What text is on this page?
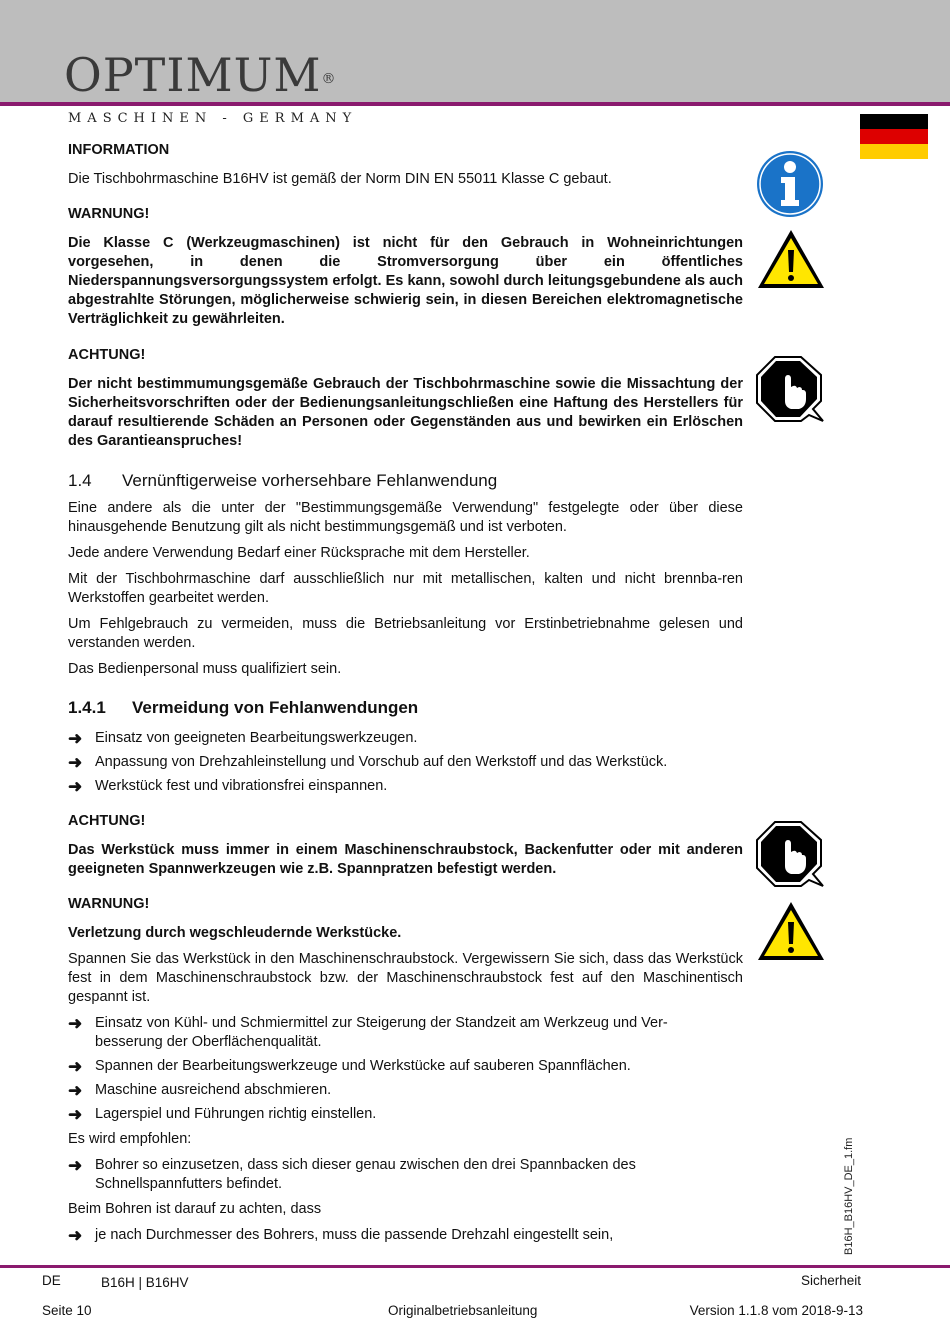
OPTIMUM®
MASCHINEN - GERMANY
INFORMATION
Die Tischbohrmaschine B16HV ist gemäß der Norm DIN EN 55011 Klasse C gebaut.
WARNUNG!
Die Klasse C (Werkzeugmaschinen) ist nicht für den Gebrauch in Wohneinrichtungen vorgesehen, in denen die Stromversorgung über ein öffentliches Niederspannungsversorgungssystem erfolgt. Es kann, sowohl durch leitungsgebundene als auch abgestrahlte Störungen, möglicherweise schwierig sein, in diesen Bereichen elektromagnetische Verträglichkeit zu gewährleiten.
ACHTUNG!
Der nicht bestimmumungsgemäße Gebrauch der Tischbohrmaschine sowie die Missachtung der Sicherheitsvorschriften oder der Bedienungsanleitungschließen eine Haftung des Herstellers für darauf resultierende Schäden an Personen oder Gegenständen aus und bewirken ein Erlöschen des Garantieanspruches!
1.4 Vernünftigerweise vorhersehbare Fehlanwendung
Eine andere als die unter der "Bestimmungsgemäße Verwendung" festgelegte oder über diese hinausgehende Benutzung gilt als nicht bestimmungsgemäß und ist verboten.
Jede andere Verwendung Bedarf einer Rücksprache mit dem Hersteller.
Mit der Tischbohrmaschine darf ausschließlich nur mit metallischen, kalten und nicht brennba-ren Werkstoffen gearbeitet werden.
Um Fehlgebrauch zu vermeiden, muss die Betriebsanleitung vor Erstinbetriebnahme gelesen und verstanden werden.
Das Bedienpersonal muss qualifiziert sein.
1.4.1 Vermeidung von Fehlanwendungen
➜ Einsatz von geeigneten Bearbeitungswerkzeugen.
➜ Anpassung von Drehzahleinstellung und Vorschub auf den Werkstoff und das Werkstück.
➜ Werkstück fest und vibrationsfrei einspannen.
ACHTUNG!
Das Werkstück muss immer in einem Maschinenschraubstock, Backenfutter oder mit anderen geeigneten Spannwerkzeugen wie z.B. Spannpratzen befestigt werden.
WARNUNG!
Verletzung durch wegschleudernde Werkstücke.
Spannen Sie das Werkstück in den Maschinenschraubstock. Vergewissern Sie sich, dass das Werkstück fest in dem Maschinenschraubstock bzw. der Maschinenschraubstock fest auf den Maschinentisch gespannt ist.
➜ Einsatz von Kühl- und Schmiermittel zur Steigerung der Standzeit am Werkzeug und Ver-besserung der Oberflächenqualität.
➜ Spannen der Bearbeitungswerkzeuge und Werkstücke auf sauberen Spannflächen.
➜ Maschine ausreichend abschmieren.
➜ Lagerspiel und Führungen richtig einstellen.
Es wird empfohlen:
➜ Bohrer so einzusetzen, dass sich dieser genau zwischen den drei Spannbacken des Schnellspannfutters befindet.
Beim Bohren ist darauf zu achten, dass
➜ je nach Durchmesser des Bohrers, muss die passende Drehzahl eingestellt sein,	B16H_B16HV_DE_1.fm
DE	B16H | B16HV	Sicherheit
Seite 10	Originalbetriebsanleitung	Version 1.1.8 vom 2018-9-13
